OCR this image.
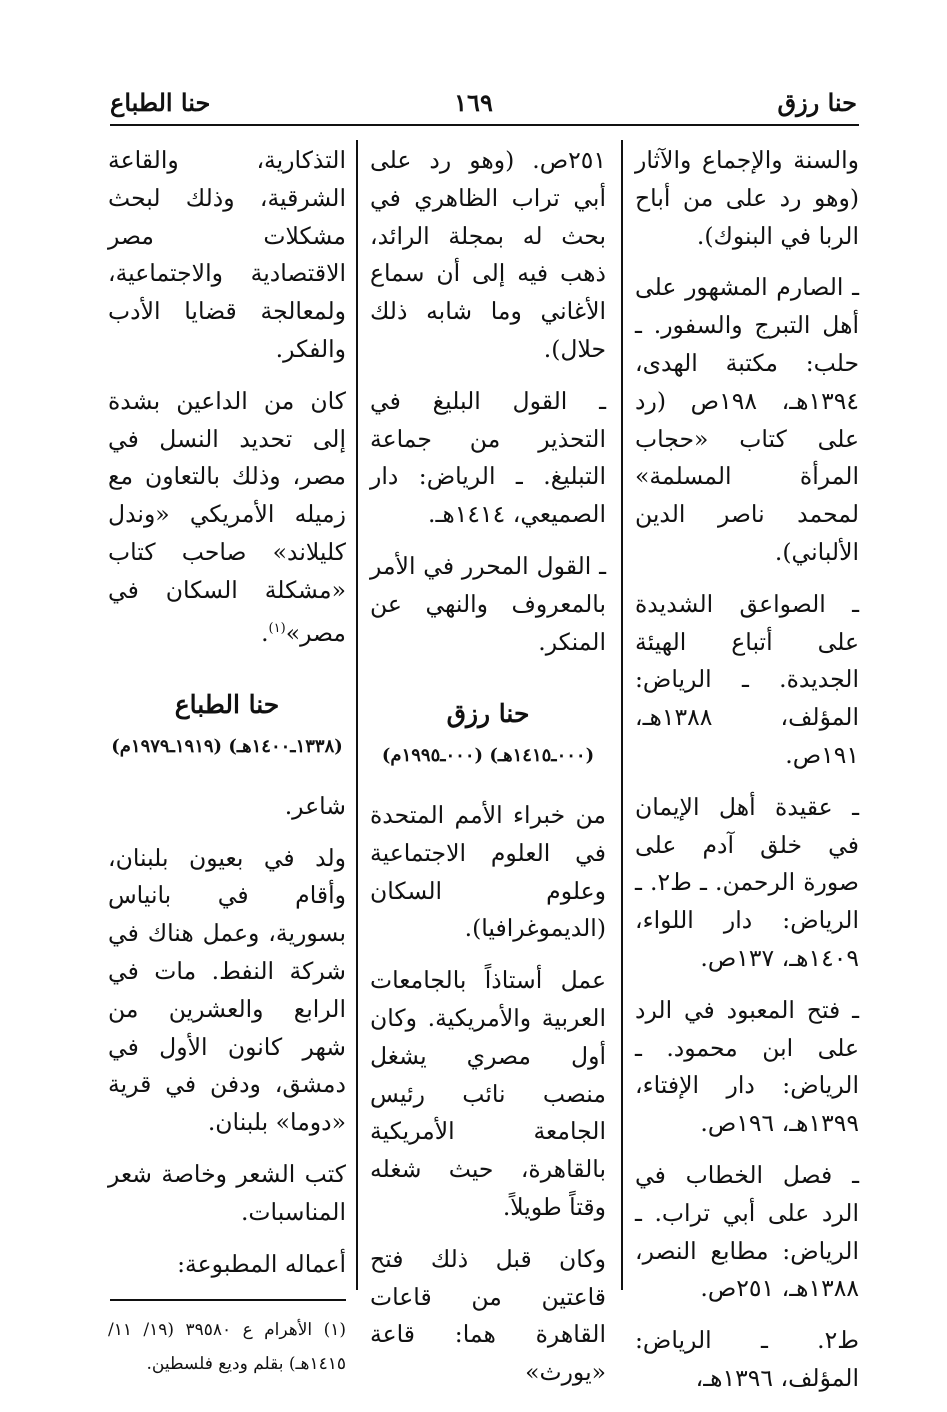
حنا رزق
١٦٩
حنا الطباع

والسنة والإجماع والآثار (وهو رد على من أباح الربا في البنوك).

ـ الصارم المشهور على أهل التبرج والسفور. ـ حلب: مكتبة الهدى، ١٣٩٤هـ، ١٩٨ص (رد على كتاب «حجاب المرأة المسلمة» لمحمد ناصر الدين الألباني).

ـ الصواعق الشديدة على أتباع الهيئة الجديدة. ـ الرياض: المؤلف، ١٣٨٨هـ، ١٩١ص.

ـ عقيدة أهل الإيمان في خلق آدم على صورة الرحمن. ـ ط٢. ـ الرياض: دار اللواء، ١٤٠٩هـ، ١٣٧ص.

ـ فتح المعبود في الرد على ابن محمود. ـ الرياض: دار الإفتاء، ١٣٩٩هـ، ١٩٦ص.

ـ فصل الخطاب في الرد على أبي تراب. ـ الرياض: مطابع النصر، ١٣٨٨هـ، ٢٥١ص.

ط٢. ـ الرياض: المؤلف، ١٣٩٦هـ،

٢٥١ص. (وهو رد على أبي تراب الظاهري في بحث له بمجلة الرائد، ذهب فيه إلى أن سماع الأغاني وما شابه ذلك حلال).

ـ القول البليغ في التحذير من جماعة التبليغ. ـ الرياض: دار الصميعي، ١٤١٤هـ.

ـ القول المحرر في الأمر بالمعروف والنهي عن المنكر.

حنا رزق
(٠٠٠ـ١٤١٥هـ) (٠٠٠ـ١٩٩٥م)

من خبراء الأمم المتحدة في العلوم الاجتماعية وعلوم السكان (الديموغرافيا).

عمل أستاذاً بالجامعات العربية والأمريكية. وكان أول مصري يشغل منصب نائب رئيس الجامعة الأمريكية بالقاهرة، حيث شغله وقتاً طويلاً.

وكان قبل ذلك فتح قاعتين من قاعات القاهرة هما: قاعة «يورث»

التذكارية، والقاعة الشرقية، وذلك لبحث مشكلات مصر الاقتصادية والاجتماعية، ولمعالجة قضايا الأدب والفكر.

كان من الداعين بشدة إلى تحديد النسل في مصر، وذلك بالتعاون مع زميله الأمريكي «وندل كليلاند» صاحب كتاب «مشكلة السكان في مصر»$^{(١)}$.

حنا الطباع
(١٣٣٨ـ١٤٠٠هـ) (١٩١٩ـ١٩٧٩م)

شاعر.

ولد في بعيون بلبنان، وأقام في بانياس بسورية، وعمل هناك في شركة النفط. مات في الرابع والعشرين من شهر كانون الأول في دمشق، ودفن في قرية «دوما» بلبنان.

كتب الشعر وخاصة شعر المناسبات.

أعماله المطبوعة:

(١) الأهرام ع ٣٩٥٨٠ (١٩/ ١١/ ١٤١٥هـ) بقلم وديع فلسطين.
